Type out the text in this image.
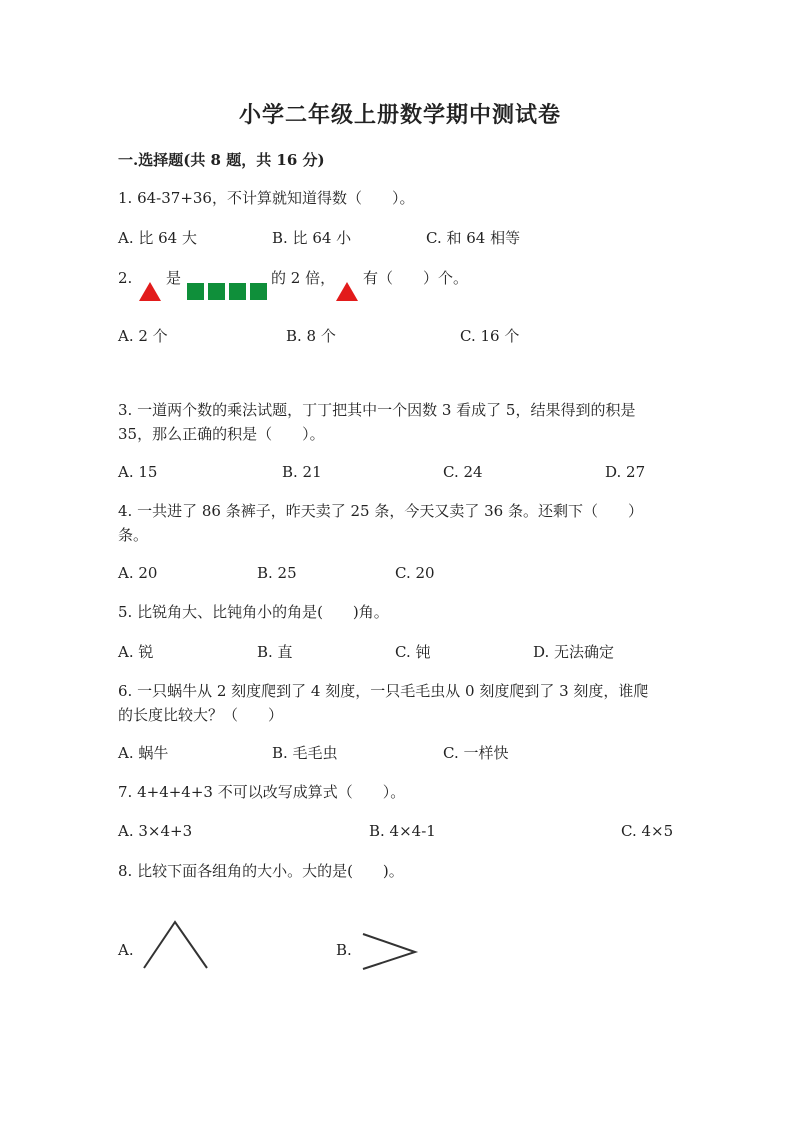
小学二年级上册数学期中测试卷
一.选择题(共 8 题，共 16 分)
1. 64-37+36，不计算就知道得数（　　）。
A. 比 64 大	B. 比 64 小	C. 和 64 相等
2. 是	的 2 倍， 有（　　）个。
A. 2 个	B. 8 个	C. 16 个
3. 一道两个数的乘法试题，丁丁把其中一个因数 3 看成了 5，结果得到的积是
35，那么正确的积是（　　）。
A. 15	B. 21	C. 24	D. 27
4. 一共进了 86 条裤子，昨天卖了 25 条，今天又卖了 36 条。还剩下（　　）
条。
A. 20	B. 25	C. 20
5. 比锐角大、比钝角小的角是(　　)角。
A. 锐	B. 直	C. 钝	D. 无法确定
6. 一只蜗牛从 2 刻度爬到了 4 刻度，一只毛毛虫从 0 刻度爬到了 3 刻度，谁爬
的长度比较大？（　　）
A. 蜗牛	B. 毛毛虫	C. 一样快
7. 4+4+4+3 不可以改写成算式（　　）。
A. 3×4+3	B. 4×4-1	C. 4×5
8. 比较下面各组角的大小。大的是(　　)。
A.	B.
